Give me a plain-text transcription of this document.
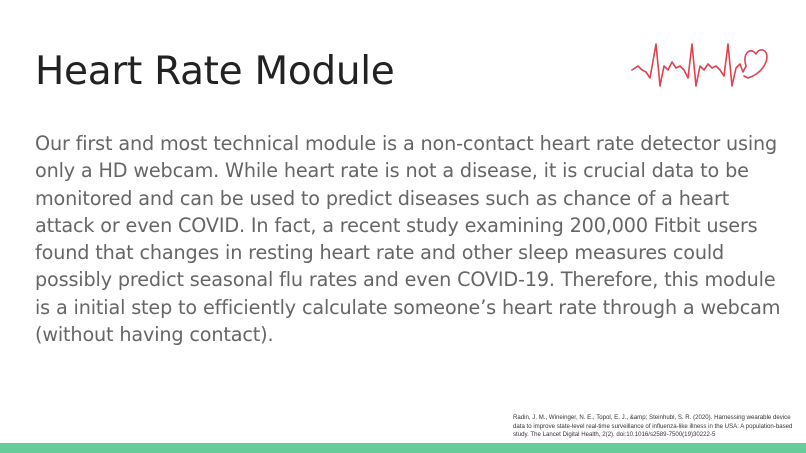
Heart Rate Module

Our first and most technical module is a non-contact heart rate detector using only a HD webcam. While heart rate is not a disease, it is crucial data to be monitored and can be used to predict diseases such as chance of a heart attack or even COVID. In fact, a recent study examining 200,000 Fitbit users found that changes in resting heart rate and other sleep measures could possibly predict seasonal flu rates and even COVID-19. Therefore, this module is a initial step to efficiently calculate someone’s heart rate through a webcam (without having contact).

Radin, J. M., Wineinger, N. E., Topol, E. J., &amp; Steinhubl, S. R. (2020). Harnessing wearable device data to improve state-level real-time surveillance of influenza-like illness in the USA: A population-based study. The Lancet Digital Health, 2(2). doi:10.1016/s2589-7500(19)30222-5
